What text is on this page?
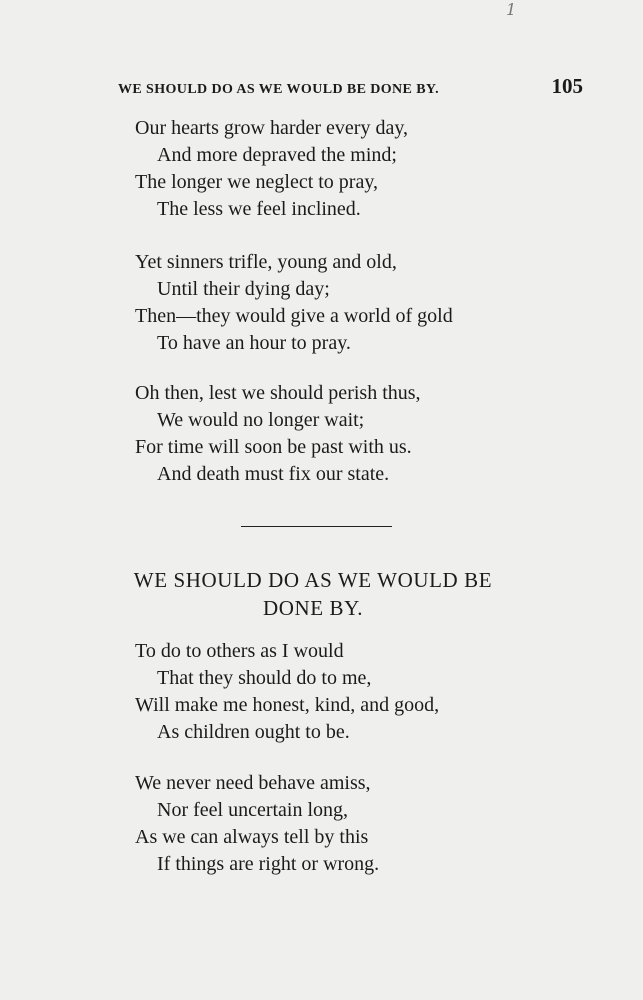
1
WE SHOULD DO AS WE WOULD BE DONE BY.	105
Our hearts grow harder every day,
And more depraved the mind;
The longer we neglect to pray,
The less we feel inclined.
Yet sinners trifle, young and old,
Until their dying day;
Then—they would give a world of gold
To have an hour to pray.
Oh then, lest we should perish thus,
We would no longer wait;
For time will soon be past with us.
And death must fix our state.
WE SHOULD DO AS WE WOULD BE
DONE BY.
To do to others as I would
That they should do to me,
Will make me honest, kind, and good,
As children ought to be.
We never need behave amiss,
Nor feel uncertain long,
As we can always tell by this
If things are right or wrong.
